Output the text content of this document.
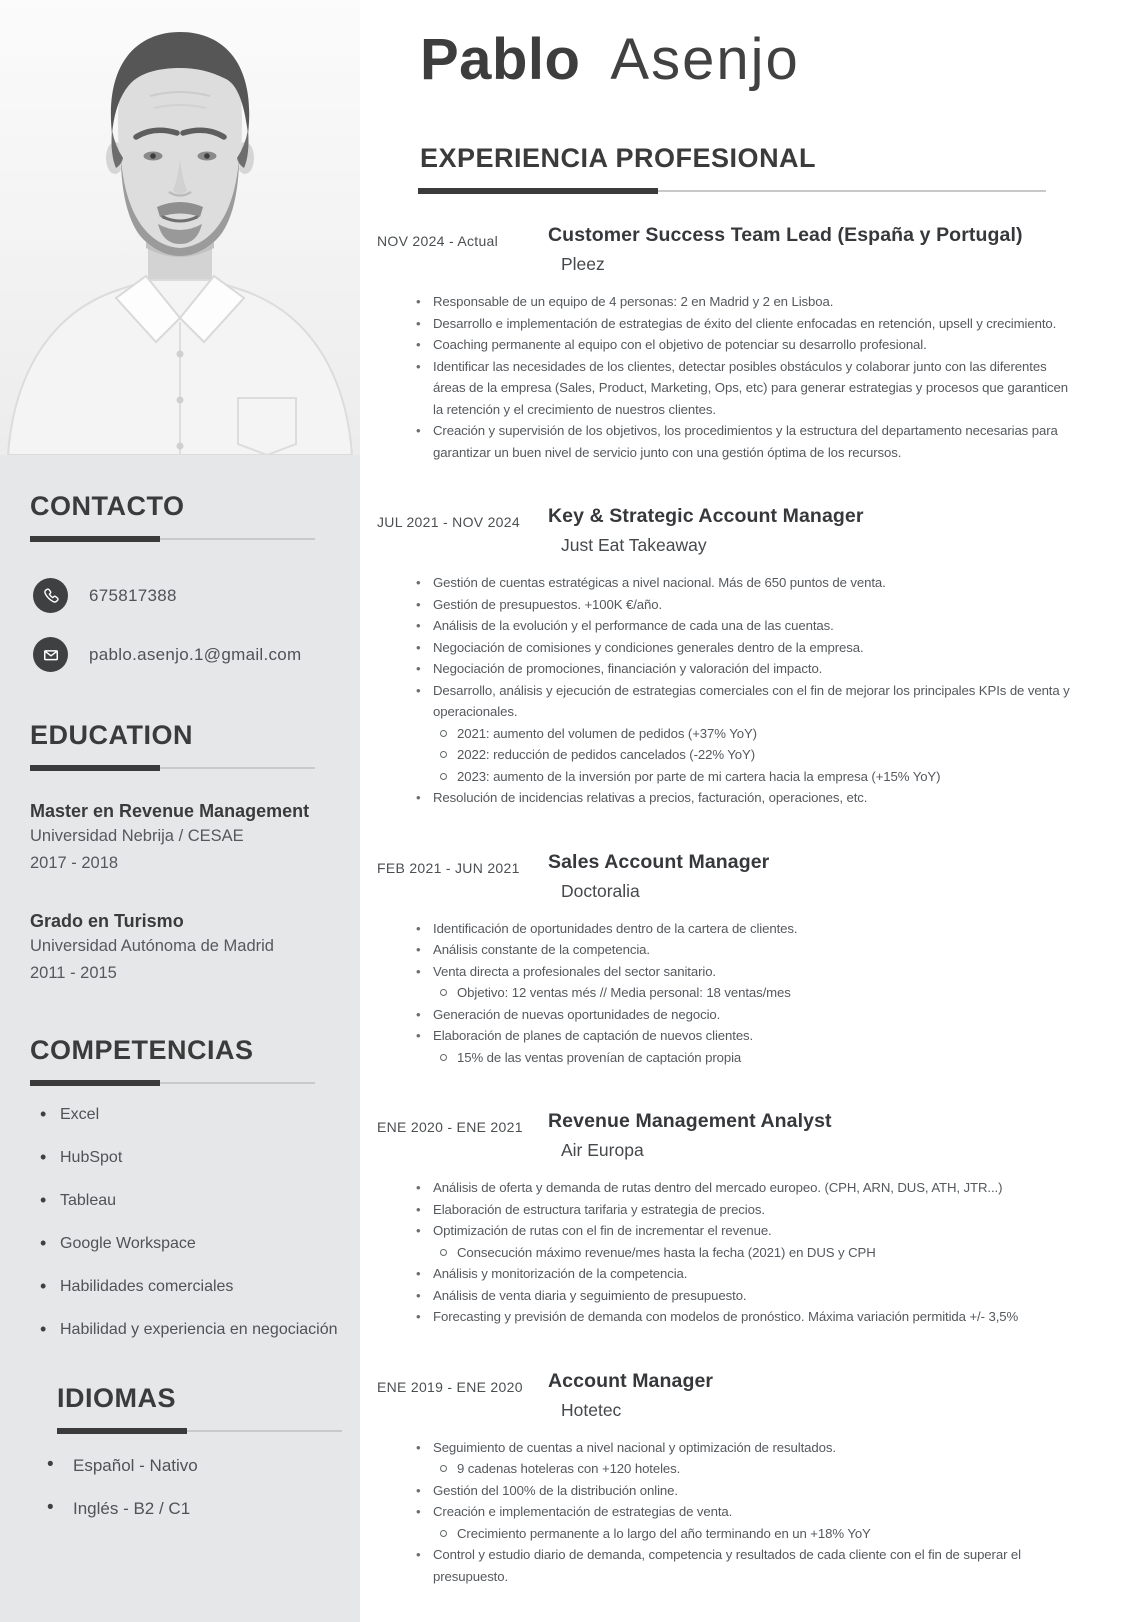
CONTACTO
675817388
pablo.asenjo.1@gmail.com
EDUCATION
Master en Revenue Management
Universidad Nebrija / CESAE
2017 - 2018
Grado en Turismo
Universidad Autónoma de Madrid
2011 - 2015
COMPETENCIAS
• Excel
• HubSpot
• Tableau
• Google Workspace
• Habilidades comerciales
• Habilidad y experiencia en negociación
IDIOMAS
• Español - Nativo
• Inglés - B2 / C1
Pablo Asenjo
EXPERIENCIA PROFESIONAL
NOV 2024 - Actual	Customer Success Team Lead (España y Portugal)
Pleez
• Responsable de un equipo de 4 personas: 2 en Madrid y 2 en Lisboa.
• Desarrollo e implementación de estrategias de éxito del cliente enfocadas en retención, upsell y crecimiento.
• Coaching permanente al equipo con el objetivo de potenciar su desarrollo profesional.
• Identificar las necesidades de los clientes, detectar posibles obstáculos y colaborar junto con las diferentes áreas de la empresa (Sales, Product, Marketing, Ops, etc) para generar estrategias y procesos que garanticen la retención y el crecimiento de nuestros clientes.
• Creación y supervisión de los objetivos, los procedimientos y la estructura del departamento necesarias para garantizar un buen nivel de servicio junto con una gestión óptima de los recursos.
JUL 2021 - NOV 2024	Key & Strategic Account Manager
Just Eat Takeaway
• Gestión de cuentas estratégicas a nivel nacional. Más de 650 puntos de venta.
• Gestión de presupuestos. +100K €/año.
• Análisis de la evolución y el performance de cada una de las cuentas.
• Negociación de comisiones y condiciones generales dentro de la empresa.
• Negociación de promociones, financiación y valoración del impacto.
• Desarrollo, análisis y ejecución de estrategias comerciales con el fin de mejorar los principales KPIs de venta y operacionales.
2021: aumento del volumen de pedidos (+37% YoY)
2022: reducción de pedidos cancelados (-22% YoY)
2023: aumento de la inversión por parte de mi cartera hacia la empresa (+15% YoY)
• Resolución de incidencias relativas a precios, facturación, operaciones, etc.
FEB 2021 - JUN 2021	Sales Account Manager
Doctoralia
• Identificación de oportunidades dentro de la cartera de clientes.
• Análisis constante de la competencia.
• Venta directa a profesionales del sector sanitario.
Objetivo: 12 ventas més // Media personal: 18 ventas/mes
• Generación de nuevas oportunidades de negocio.
• Elaboración de planes de captación de nuevos clientes.
15% de las ventas provenían de captación propia
ENE 2020 - ENE 2021	Revenue Management Analyst
Air Europa
• Análisis de oferta y demanda de rutas dentro del mercado europeo. (CPH, ARN, DUS, ATH, JTR...)
• Elaboración de estructura tarifaria y estrategia de precios.
• Optimización de rutas con el fin de incrementar el revenue.
Consecución máximo revenue/mes hasta la fecha (2021) en DUS y CPH
• Análisis y monitorización de la competencia.
• Análisis de venta diaria y seguimiento de presupuesto.
• Forecasting y previsión de demanda con modelos de pronóstico. Máxima variación permitida +/- 3,5%
ENE 2019 - ENE 2020	Account Manager
Hotetec
• Seguimiento de cuentas a nivel nacional y optimización de resultados.
9 cadenas hoteleras con +120 hoteles.
• Gestión del 100% de la distribución online.
• Creación e implementación de estrategias de venta.
Crecimiento permanente a lo largo del año terminando en un +18% YoY
• Control y estudio diario de demanda, competencia y resultados de cada cliente con el fin de superar el presupuesto.
